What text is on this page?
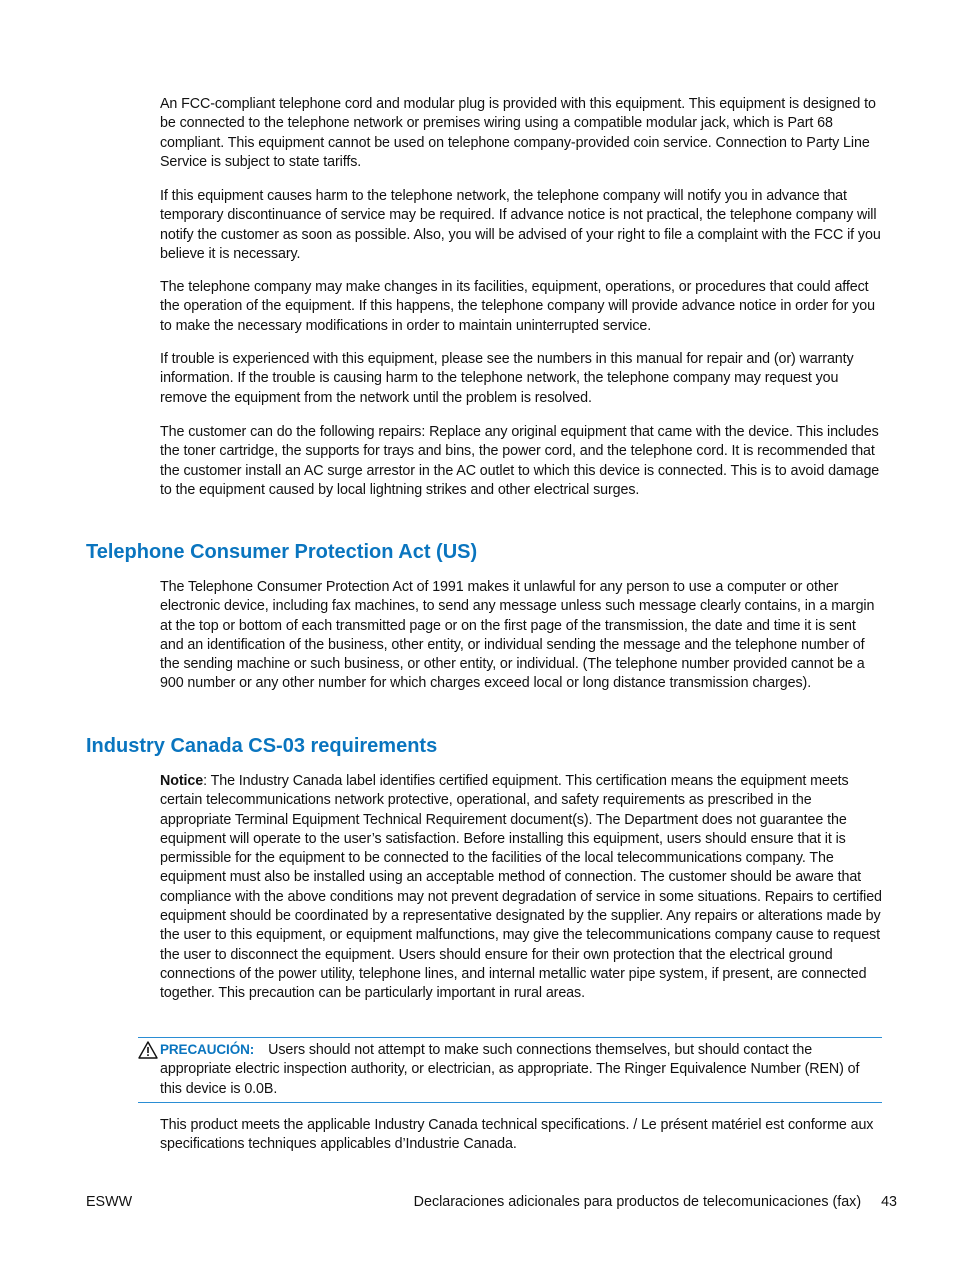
An FCC-compliant telephone cord and modular plug is provided with this equipment. This equipment is designed to be connected to the telephone network or premises wiring using a compatible modular jack, which is Part 68 compliant. This equipment cannot be used on telephone company-provided coin service. Connection to Party Line Service is subject to state tariffs.

If this equipment causes harm to the telephone network, the telephone company will notify you in advance that temporary discontinuance of service may be required. If advance notice is not practical, the telephone company will notify the customer as soon as possible. Also, you will be advised of your right to file a complaint with the FCC if you believe it is necessary.

The telephone company may make changes in its facilities, equipment, operations, or procedures that could affect the operation of the equipment. If this happens, the telephone company will provide advance notice in order for you to make the necessary modifications in order to maintain uninterrupted service.

If trouble is experienced with this equipment, please see the numbers in this manual for repair and (or) warranty information. If the trouble is causing harm to the telephone network, the telephone company may request you remove the equipment from the network until the problem is resolved.

The customer can do the following repairs: Replace any original equipment that came with the device. This includes the toner cartridge, the supports for trays and bins, the power cord, and the telephone cord. It is recommended that the customer install an AC surge arrestor in the AC outlet to which this device is connected. This is to avoid damage to the equipment caused by local lightning strikes and other electrical surges.

Telephone Consumer Protection Act (US)

The Telephone Consumer Protection Act of 1991 makes it unlawful for any person to use a computer or other electronic device, including fax machines, to send any message unless such message clearly contains, in a margin at the top or bottom of each transmitted page or on the first page of the transmission, the date and time it is sent and an identification of the business, other entity, or individual sending the message and the telephone number of the sending machine or such business, or other entity, or individual. (The telephone number provided cannot be a 900 number or any other number for which charges exceed local or long distance transmission charges).

Industry Canada CS-03 requirements

Notice: The Industry Canada label identifies certified equipment. This certification means the equipment meets certain telecommunications network protective, operational, and safety requirements as prescribed in the appropriate Terminal Equipment Technical Requirement document(s). The Department does not guarantee the equipment will operate to the user’s satisfaction. Before installing this equipment, users should ensure that it is permissible for the equipment to be connected to the facilities of the local telecommunications company. The equipment must also be installed using an acceptable method of connection. The customer should be aware that compliance with the above conditions may not prevent degradation of service in some situations. Repairs to certified equipment should be coordinated by a representative designated by the supplier. Any repairs or alterations made by the user to this equipment, or equipment malfunctions, may give the telecommunications company cause to request the user to disconnect the equipment. Users should ensure for their own protection that the electrical ground connections of the power utility, telephone lines, and internal metallic water pipe system, if present, are connected together. This precaution can be particularly important in rural areas.

PRECAUCIÓN: Users should not attempt to make such connections themselves, but should contact the appropriate electric inspection authority, or electrician, as appropriate. The Ringer Equivalence Number (REN) of this device is 0.0B.

This product meets the applicable Industry Canada technical specifications. / Le présent matériel est conforme aux specifications techniques applicables d’Industrie Canada.

ESWW	Declaraciones adicionales para productos de telecomunicaciones (fax) 43
